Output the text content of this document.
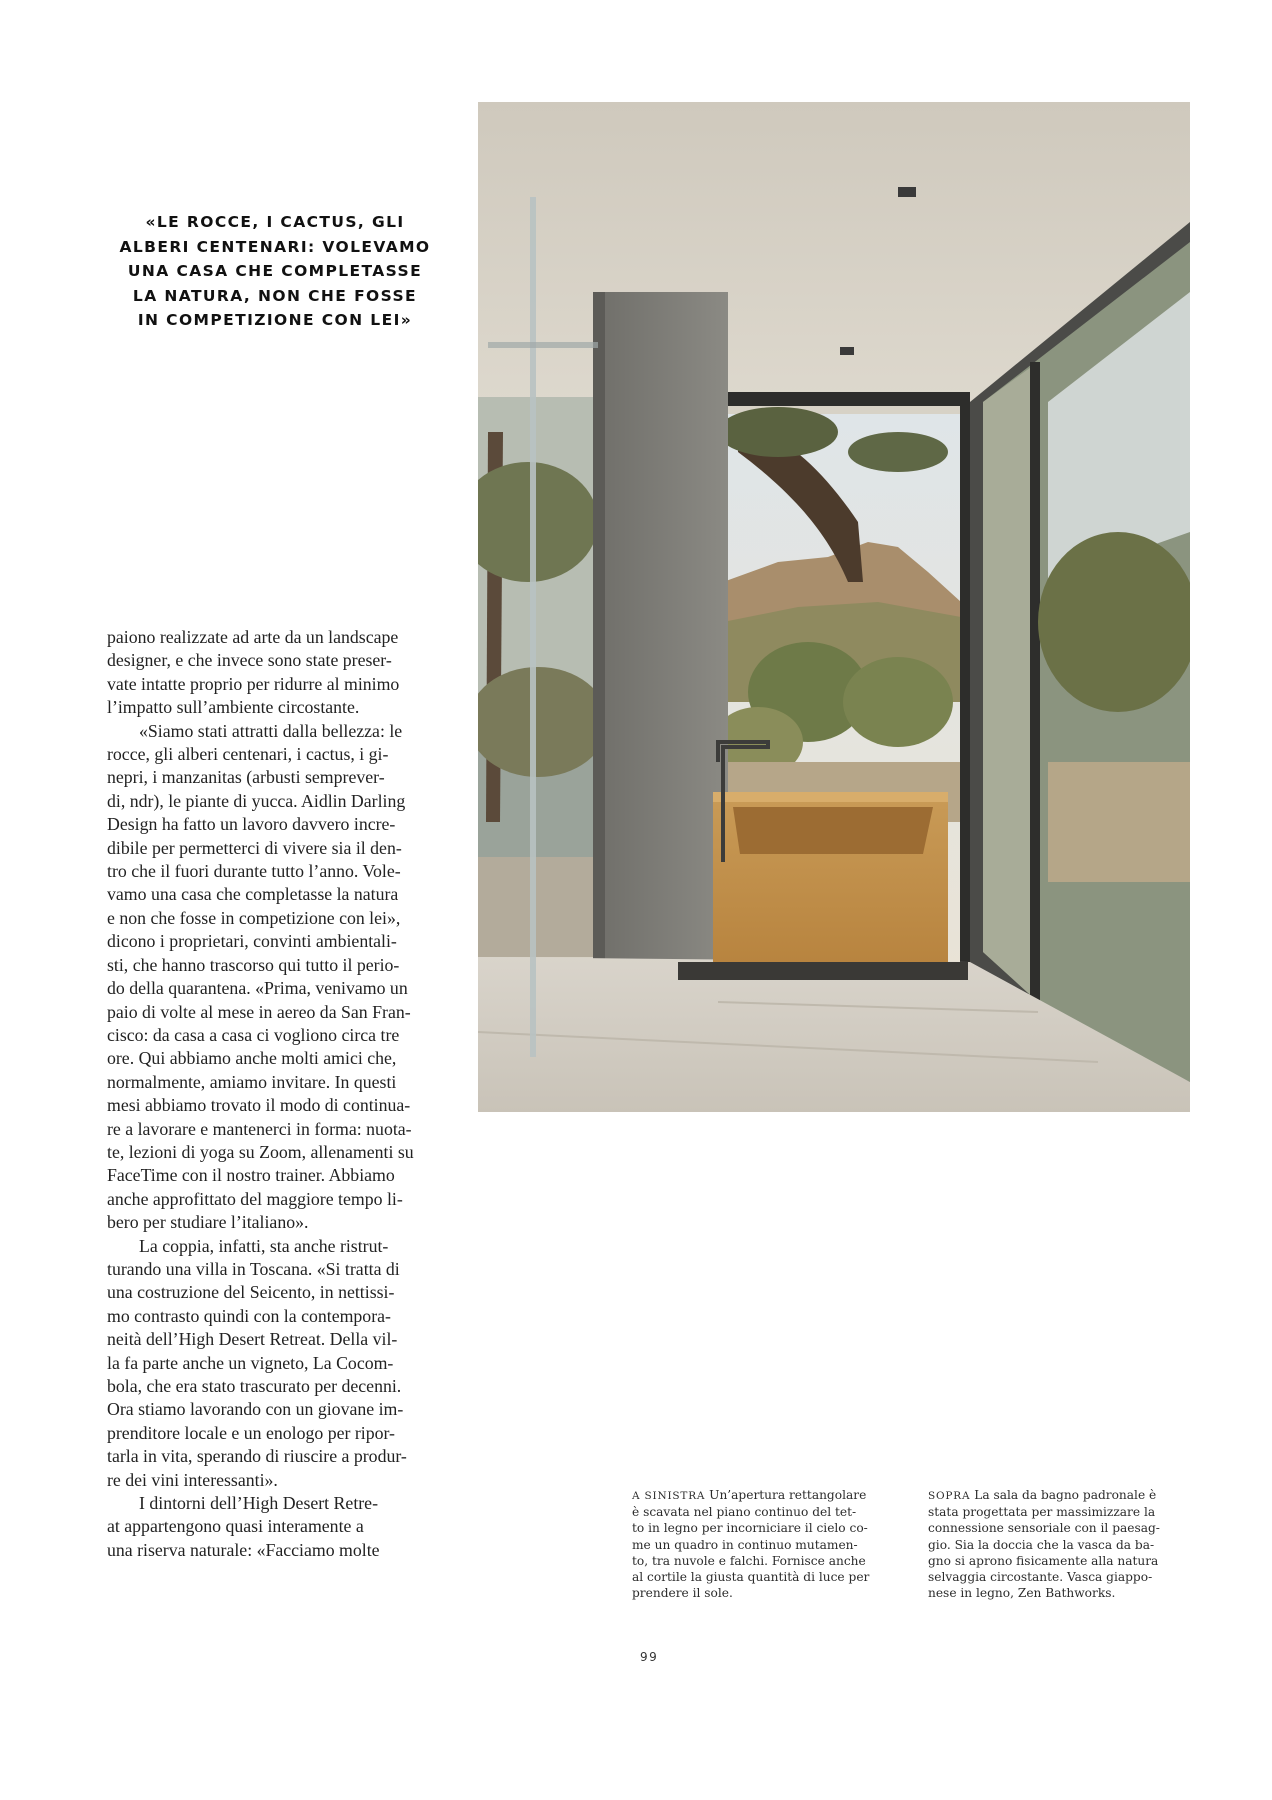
«LE ROCCE, I CACTUS, GLI
ALBERI CENTENARI: VOLEVAMO
UNA CASA CHE COMPLETASSE
LA NATURA, NON CHE FOSSE
IN COMPETIZIONE CON LEI»
paiono realizzate ad arte da un landscape
designer, e che invece sono state preser-
vate intatte proprio per ridurre al minimo
l’impatto sull’ambiente circostante.
«Siamo stati attratti dalla bellezza: le
rocce, gli alberi centenari, i cactus, i gi-
nepri, i manzanitas (arbusti semprever-
di, ndr), le piante di yucca. Aidlin Darling
Design ha fatto un lavoro davvero incre-
dibile per permetterci di vivere sia il den-
tro che il fuori durante tutto l’anno. Vole-
vamo una casa che completasse la natura
e non che fosse in competizione con lei»,
dicono i proprietari, convinti ambientali-
sti, che hanno trascorso qui tutto il perio-
do della quarantena. «Prima, venivamo un
paio di volte al mese in aereo da San Fran-
cisco: da casa a casa ci vogliono circa tre
ore. Qui abbiamo anche molti amici che,
normalmente, amiamo invitare. In questi
mesi abbiamo trovato il modo di continua-
re a lavorare e mantenerci in forma: nuota-
te, lezioni di yoga su Zoom, allenamenti su
FaceTime con il nostro trainer. Abbiamo
anche approfittato del maggiore tempo li-
bero per studiare l’italiano».
La coppia, infatti, sta anche ristrut-
turando una villa in Toscana. «Si tratta di
una costruzione del Seicento, in nettissi-
mo contrasto quindi con la contempora-
neità dell’High Desert Retreat. Della vil-
la fa parte anche un vigneto, La Cocom-
bola, che era stato trascurato per decenni.
Ora stiamo lavorando con un giovane im-
prenditore locale e un enologo per ripor-
tarla in vita, sperando di riuscire a produr-
re dei vini interessanti».
I dintorni dell’High Desert Retre-
at appartengono quasi interamente a
una riserva naturale: «Facciamo molte
A SINISTRA Un’apertura rettangolare
è scavata nel piano continuo del tet-
to in legno per incorniciare il cielo co-
me un quadro in continuo mutamen-
to, tra nuvole e falchi. Fornisce anche
al cortile la giusta quantità di luce per
prendere il sole.
SOPRA La sala da bagno padronale è
stata progettata per massimizzare la
connessione sensoriale con il paesag-
gio. Sia la doccia che la vasca da ba-
gno si aprono fisicamente alla natura
selvaggia circostante. Vasca giappo-
nese in legno, Zen Bathworks.
99
